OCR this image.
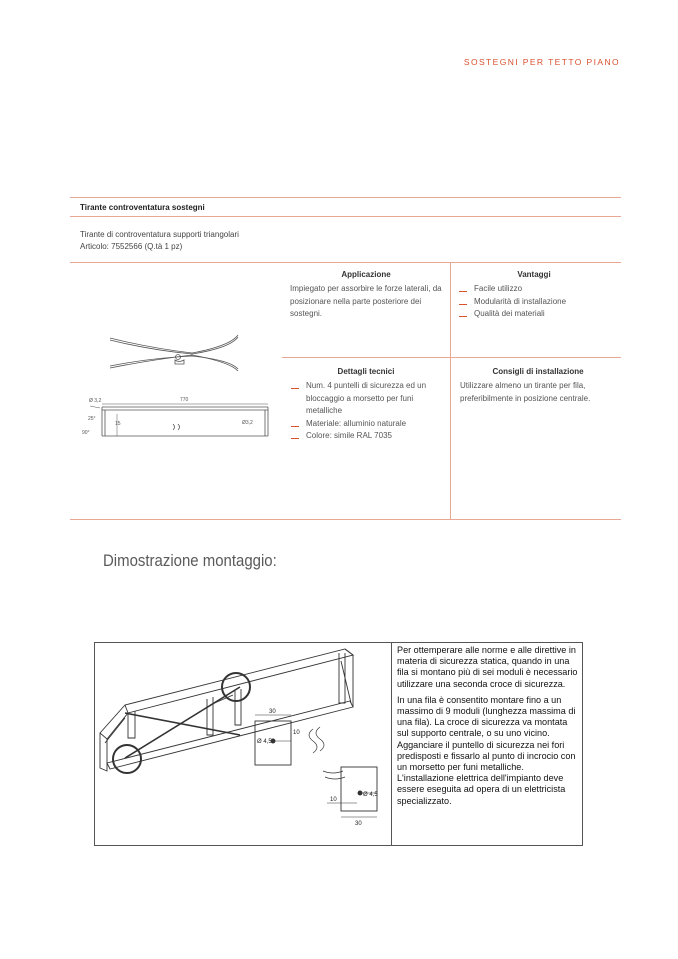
SOSTEGNI PER TETTO PIANO
Tirante controventatura sostegni
Tirante di controventatura supporti triangolari
Articolo: 7552566 (Q.tà 1 pz)
Ø 3,2	770
15	Ø3,2
90°
25°
Applicazione
Impiegato per assorbire le forze laterali, da posizionare nella parte posteriore dei sostegni.
Vantaggi
Facile utilizzo
Modularità di installazione
Qualità dei materiali
Dettagli tecnici
Num. 4 puntelli di sicurezza ed un bloccaggio a morsetto per funi metalliche
Materiale: alluminio naturale
Colore: simile RAL 7035
Consigli di installazione
Utilizzare almeno un tirante per fila, preferibilmente in posizione centrale.
Dimostrazione montaggio:
30
10
Ø 4,5
30
10
Ø 4,5

Per ottemperare alle norme e alle direttive in materia di sicurezza statica, quando in una fila si montano più di sei moduli è necessario utilizzare una seconda croce di sicurezza.

In una fila è consentito montare fino a un massimo di 9 moduli (lunghezza massima di una fila). La croce di sicurezza va montata sul supporto centrale, o su uno vicino. Agganciare il puntello di sicurezza nei fori predisposti e fissarlo al punto di incrocio con un morsetto per funi metalliche.

L'installazione elettrica dell'impianto deve essere eseguita ad opera di un elettricista specializzato.
